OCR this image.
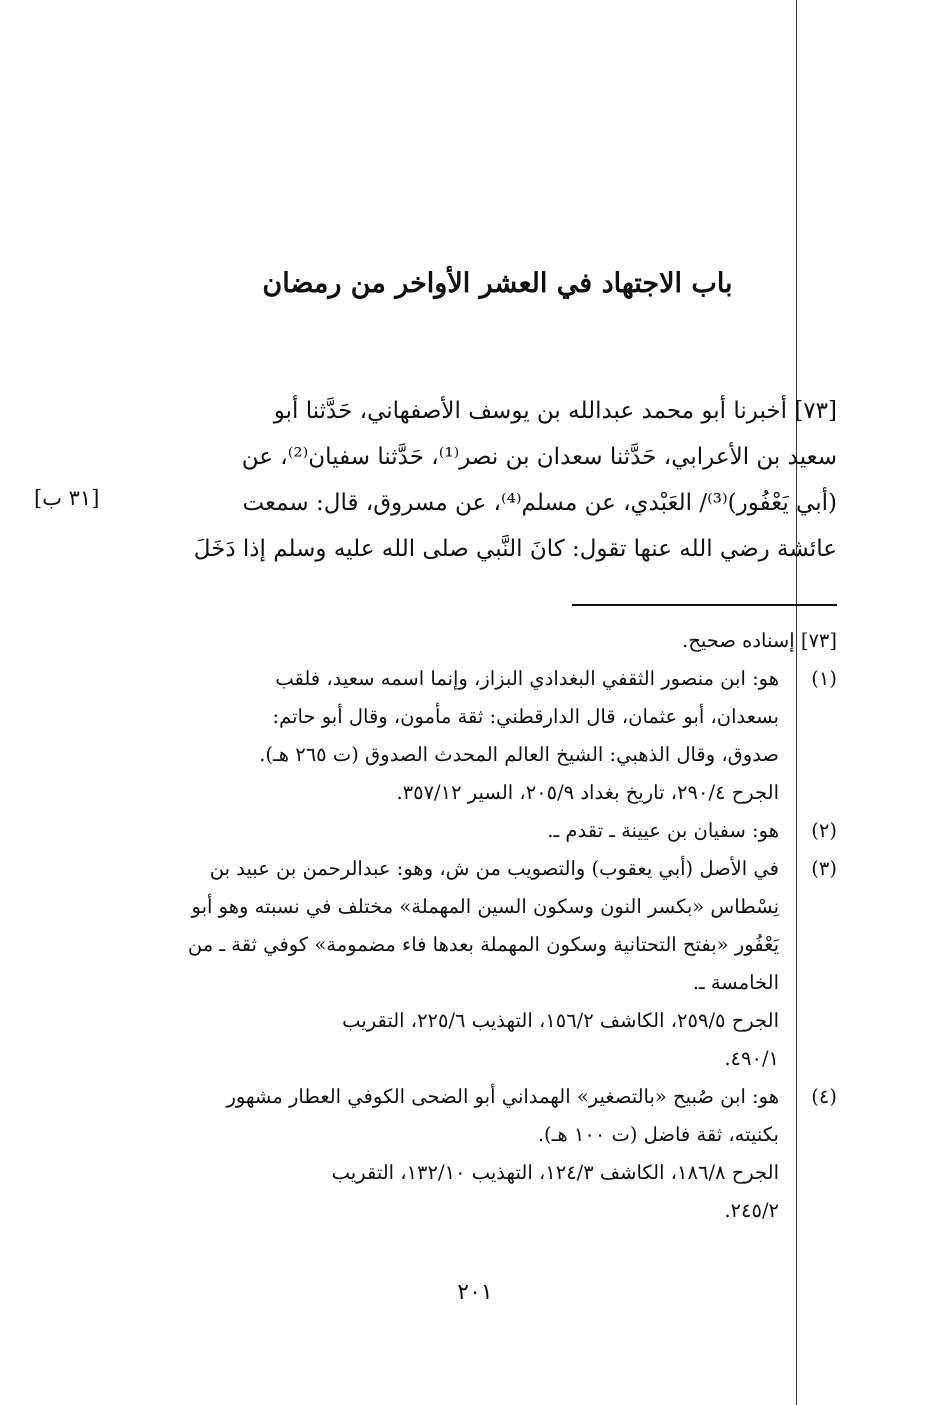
باب الاجتهاد في العشر الأواخر من رمضان
[٧٣] أخبرنا أبو محمد عبدالله بن يوسف الأصفهاني، حَدَّثنا أبو
سعيد بن الأعرابي، حَدَّثنا سعدان بن نصر⁽¹⁾، حَدَّثنا سفيان⁽²⁾، عن
(أبي يَعْفُور)⁽³⁾/ العَبْدي، عن مسلم⁽⁴⁾، عن مسروق، قال: سمعت
عائشة رضي الله عنها تقول: كانَ النَّبي صلى الله عليه وسلم إذا دَخَلَ
[٣١ ب]
[٧٣] إسناده صحيح.
(١)
هو: ابن منصور الثقفي البغدادي البزاز، وإنما اسمه سعيد، فلقب
بسعدان، أبو عثمان، قال الدارقطني: ثقة مأمون، وقال أبو حاتم:
صدوق، وقال الذهبي: الشيخ العالم المحدث الصدوق (ت ٢٦٥ هـ).
الجرح ٢٩٠/٤، تاريخ بغداد ٢٠٥/٩، السير ٣٥٧/١٢.
(٢)
هو: سفيان بن عيينة ـ تقدم ـ.
(٣)
في الأصل (أبي يعقوب) والتصويب من ش، وهو: عبدالرحمن بن عبيد بن
نِسْطاس «بكسر النون وسكون السين المهملة» مختلف في نسبته وهو أبو
يَعْفُور «بفتح التحتانية وسكون المهملة بعدها فاء مضمومة» كوفي ثقة ـ من
الخامسة ـ.
الجرح ٢٥٩/٥، الكاشف ١٥٦/٢، التهذيب ٢٢٥/٦، التقريب
٤٩٠/١.
(٤)
هو: ابن صُبيح «بالتصغير» الهمداني أبو الضحى الكوفي العطار مشهور
بكنيته، ثقة فاضل (ت ١٠٠ هـ).
الجرح ١٨٦/٨، الكاشف ١٢٤/٣، التهذيب ١٣٢/١٠، التقريب
٢٤٥/٢.
٢٠١
